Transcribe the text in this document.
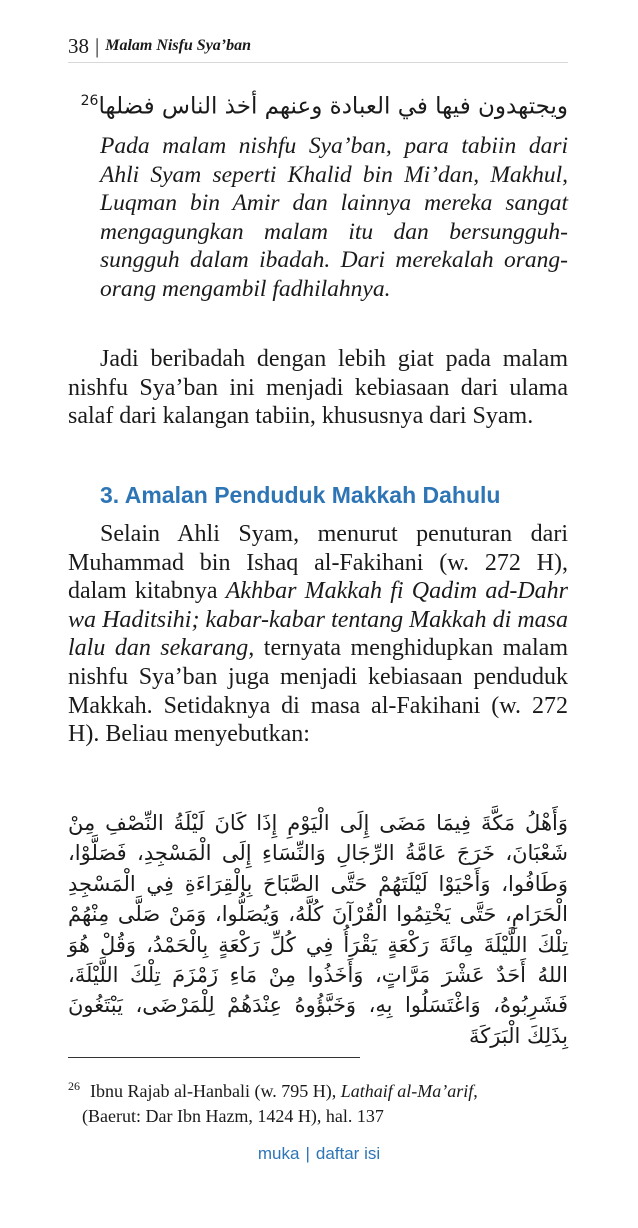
38 | Malam Nisfu Sya’ban
ويجتهدون فيها في العبادة وعنهم أخذ الناس فضلها$^{26}$
Pada malam nishfu Sya’ban, para tabiin dari Ahli Syam seperti Khalid bin Mi’dan, Makhul, Luqman bin Amir dan lainnya mereka sangat mengagungkan malam itu dan bersungguh-sungguh dalam ibadah. Dari merekalah orang-orang mengambil fadhilahnya.
Jadi beribadah dengan lebih giat pada malam nishfu Sya’ban ini menjadi kebiasaan dari ulama salaf dari kalangan tabiin, khususnya dari Syam.
3. Amalan Penduduk Makkah Dahulu
Selain Ahli Syam, menurut penuturan dari Muhammad bin Ishaq al-Fakihani (w. 272 H), dalam kitabnya Akhbar Makkah fi Qadim ad-Dahr wa Haditsihi; kabar-kabar tentang Makkah di masa lalu dan sekarang, ternyata menghidupkan malam nishfu Sya’ban juga menjadi kebiasaan penduduk Makkah. Setidaknya di masa al-Fakihani (w. 272 H). Beliau menyebutkan:
وَأَهْلُ مَكَّةَ فِيمَا مَضَى إِلَى الْيَوْمِ إِذَا كَانَ لَيْلَةُ النِّصْفِ مِنْ شَعْبَانَ، خَرَجَ عَامَّةُ الرِّجَالِ وَالنِّسَاءِ إِلَى الْمَسْجِدِ، فَصَلَّوْا، وَطَافُوا، وَأَحْيَوْا لَيْلَتَهُمْ حَتَّى الصَّبَاحَ بِالْقِرَاءَةِ فِي الْمَسْجِدِ الْحَرَامِ، حَتَّى يَخْتِمُوا الْقُرْآنَ كُلَّهُ، وَيُصَلُّوا، وَمَنْ صَلَّى مِنْهُمْ تِلْكَ اللَّيْلَةَ مِائَةَ رَكْعَةٍ يَقْرَأُ فِي كُلِّ رَكْعَةٍ بِالْحَمْدُ، وَقُلْ هُوَ اللهُ أَحَدٌ عَشْرَ مَرَّاتٍ، وَأَخَذُوا مِنْ مَاءِ زَمْزَمَ تِلْكَ اللَّيْلَةَ، فَشَرِبُوهُ، وَاغْتَسَلُوا بِهِ، وَخَبَّؤُوهُ عِنْدَهُمْ لِلْمَرْضَى، يَبْتَغُونَ بِذَلِكَ الْبَرَكَةَ
$^{26}$ Ibnu Rajab al-Hanbali (w. 795 H), Lathaif al-Ma’arif,
(Baerut: Dar Ibn Hazm, 1424 H), hal. 137
muka | daftar isi
